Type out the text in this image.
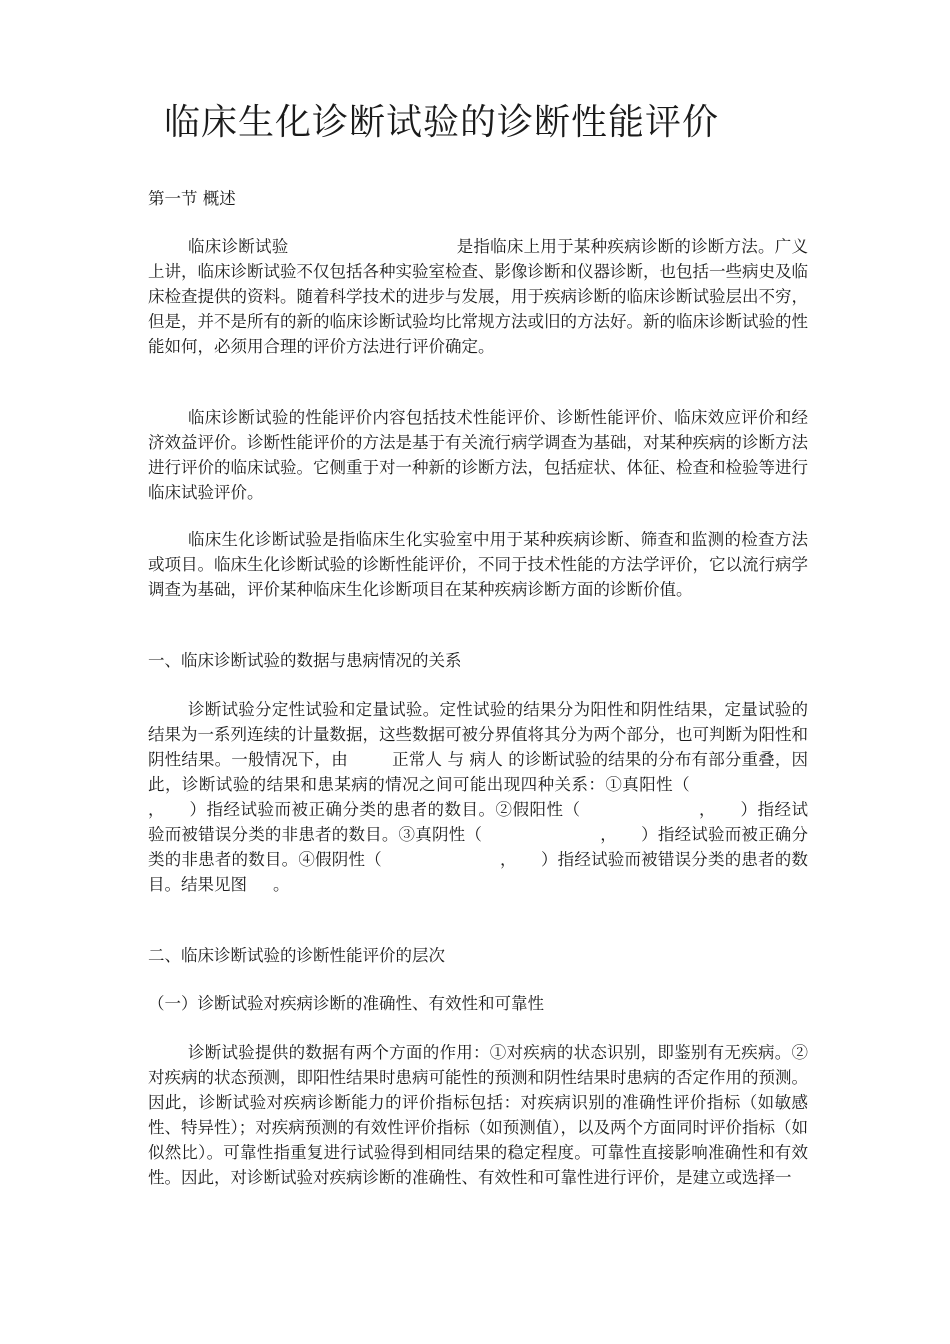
临床生化诊断试验的诊断性能评价

第一节 概述

临床诊断试验	是指临床上用于某种疾病诊断的诊断方法。广义上讲，临床诊断试验不仅包括各种实验室检查、影像诊断和仪器诊断，也包括一些病史及临床检查提供的资料。随着科学技术的进步与发展，用于疾病诊断的临床诊断试验层出不穷，但是，并不是所有的新的临床诊断试验均比常规方法或旧的方法好。新的临床诊断试验的性能如何，必须用合理的评价方法进行评价确定。

临床诊断试验的性能评价内容包括技术性能评价、诊断性能评价、临床效应评价和经济效益评价。诊断性能评价的方法是基于有关流行病学调查为基础，对某种疾病的诊断方法进行评价的临床试验。它侧重于对一种新的诊断方法，包括症状、体征、检查和检验等进行临床试验评价。

临床生化诊断试验是指临床生化实验室中用于某种疾病诊断、筛查和监测的检查方法或项目。临床生化诊断试验的诊断性能评价，不同于技术性能的方法学评价，它以流行病学调查为基础，评价某种临床生化诊断项目在某种疾病诊断方面的诊断价值。

一、临床诊断试验的数据与患病情况的关系

诊断试验分定性试验和定量试验。定性试验的结果分为阳性和阴性结果，定量试验的结果为一系列连续的计量数据，这些数据可被分界值将其分为两个部分，也可判断为阳性和阴性结果。一般情况下，由	正常人 与 病人 的诊断试验的结果的分布有部分重叠，因此，诊断试验的结果和患某病的情况之间可能出现四种关系：①真阳性（， ）指经试验而被正确分类的患者的数目。②假阳性（	， ）指经试验而被错误分类的非患者的数目。③真阴性（	， ）指经试验而被正确分类的非患者的数目。④假阴性（	， ）指经试验而被错误分类的患者的数目。结果见图 。

二、临床诊断试验的诊断性能评价的层次

（一）诊断试验对疾病诊断的准确性、有效性和可靠性

诊断试验提供的数据有两个方面的作用：①对疾病的状态识别，即鉴别有无疾病。②对疾病的状态预测，即阳性结果时患病可能性的预测和阴性结果时患病的否定作用的预测。因此，诊断试验对疾病诊断能力的评价指标包括：对疾病识别的准确性评价指标（如敏感性、特异性）；对疾病预测的有效性评价指标（如预测值），以及两个方面同时评价指标（如似然比）。可靠性指重复进行试验得到相同结果的稳定程度。可靠性直接影响准确性和有效性。因此，对诊断试验对疾病诊断的准确性、有效性和可靠性进行评价，是建立或选择一
